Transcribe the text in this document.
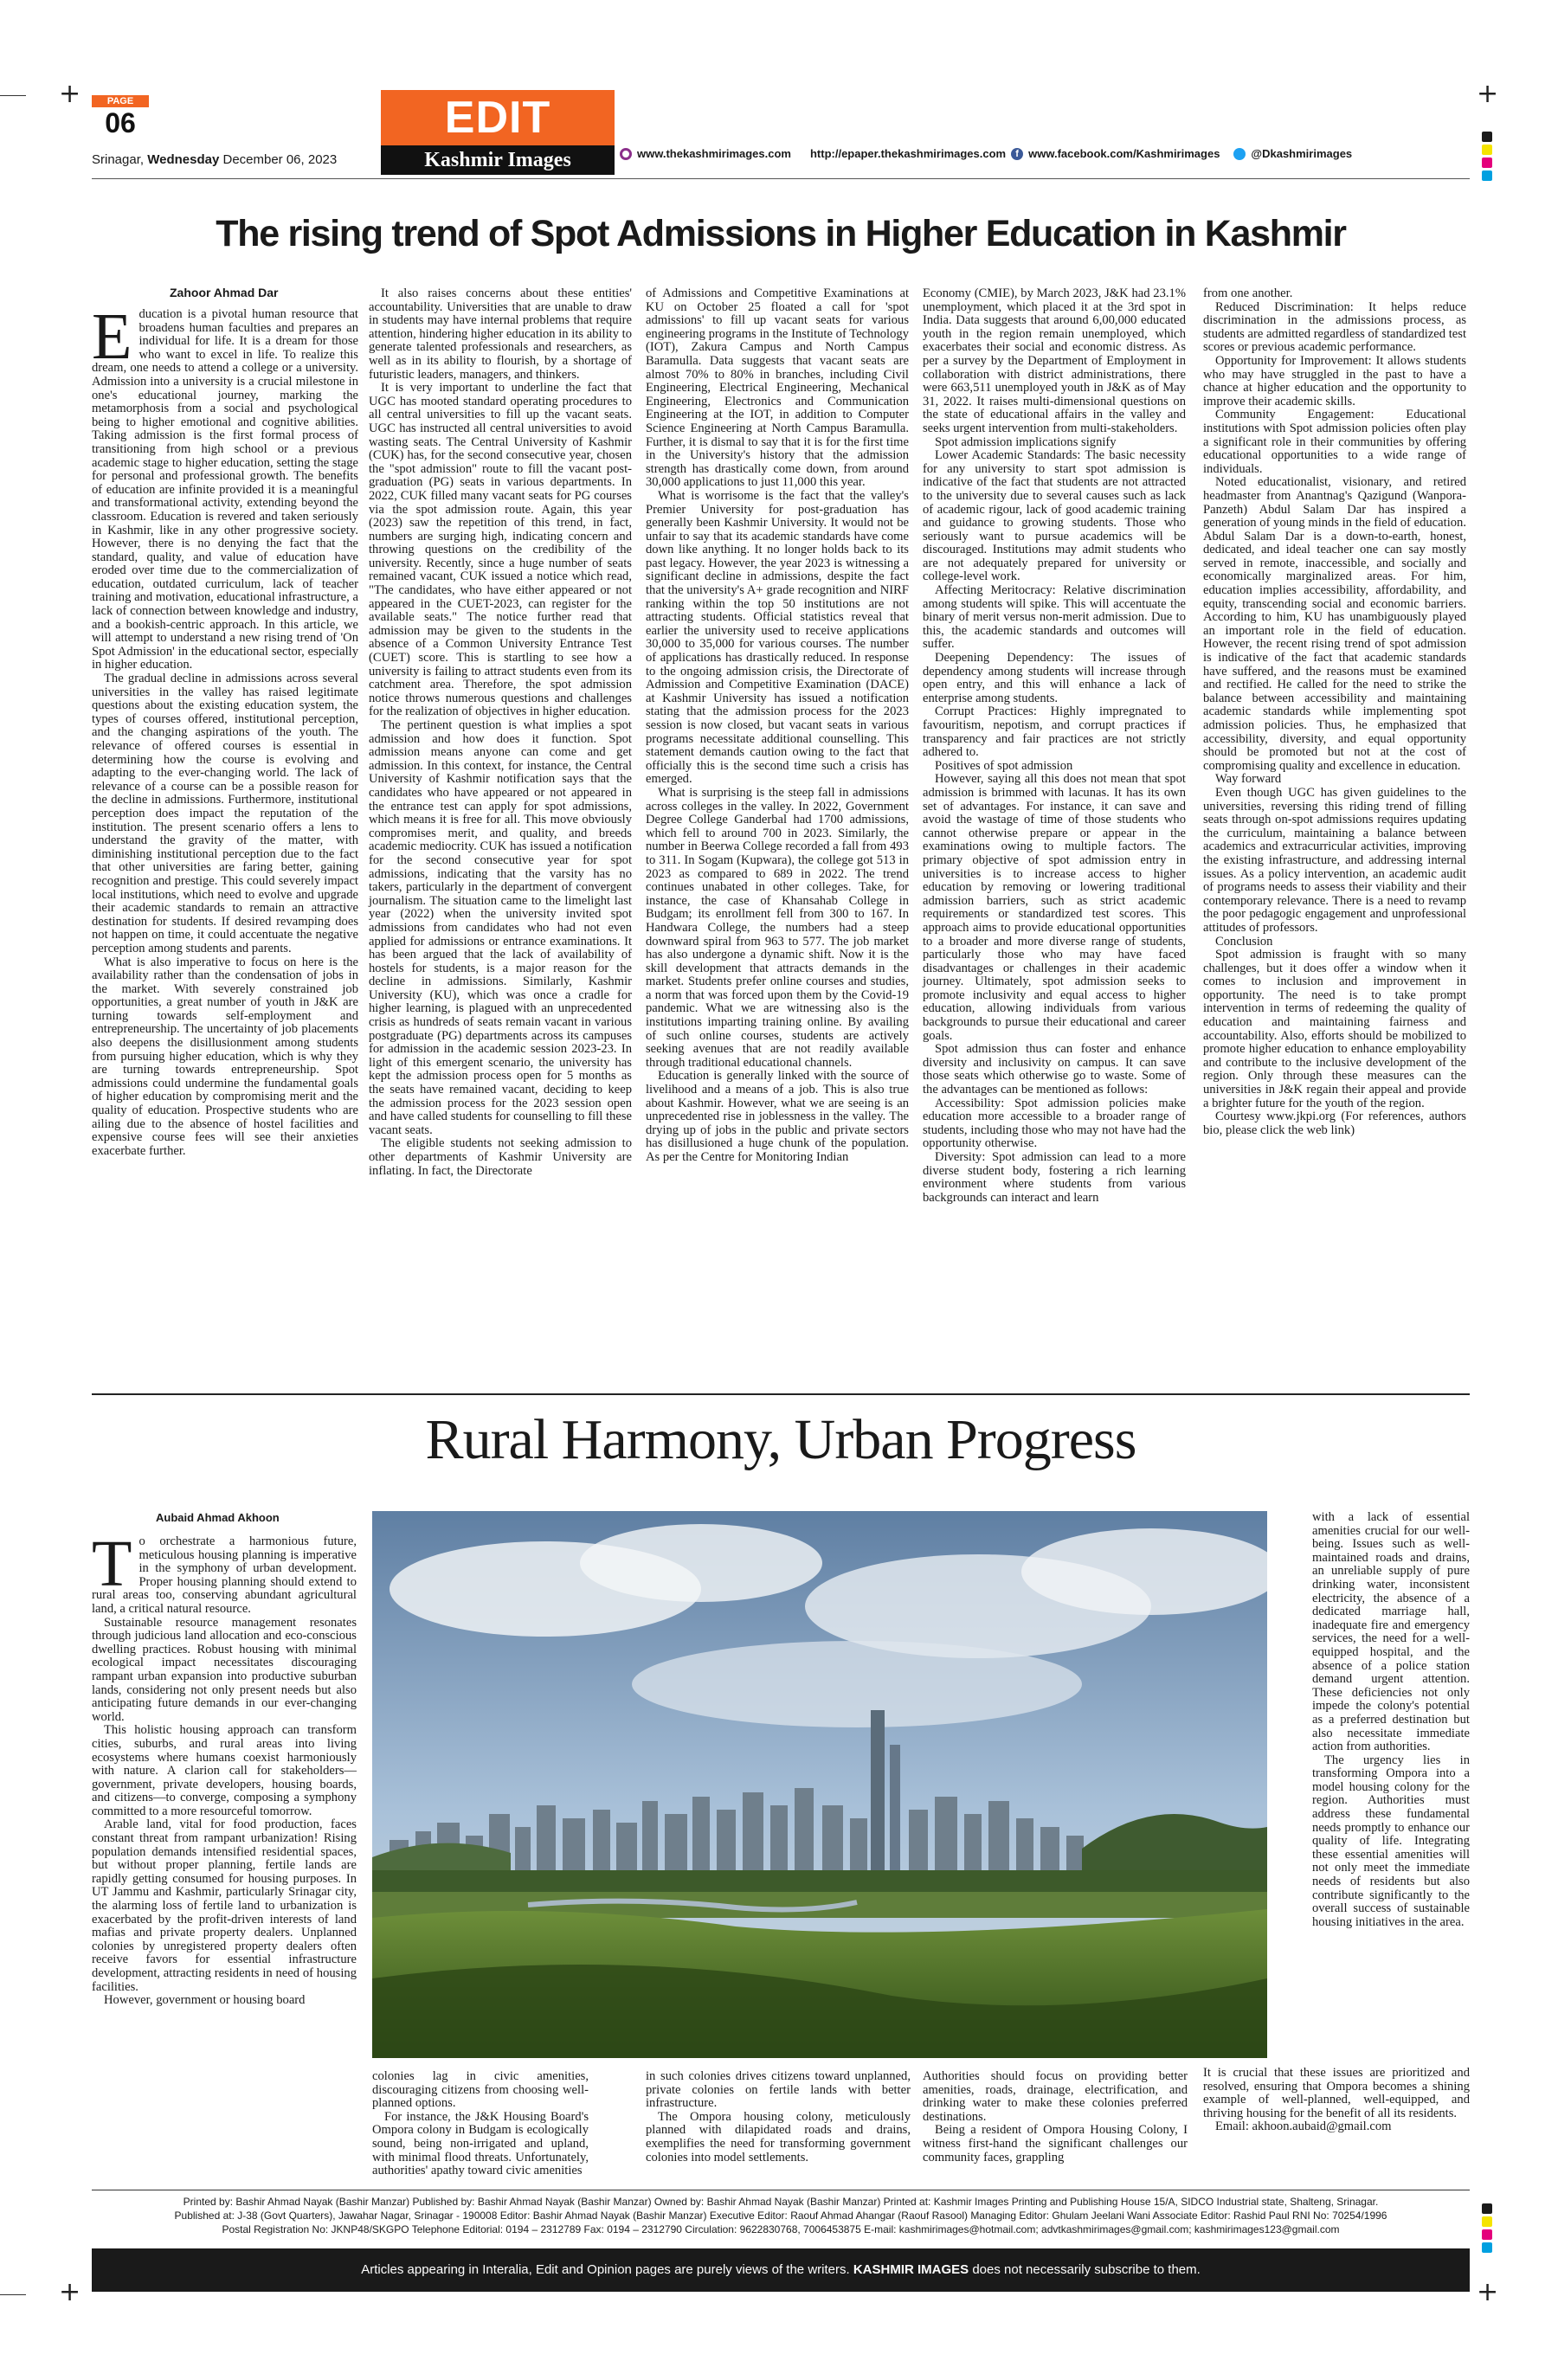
+	+
+	+
PAGE
06
Srinagar, Wednesday December 06, 2023
EDIT
Kashmir Images	www.thekashmirimages.com http://epaper.thekashmirimages.com	f www.facebook.com/Kashmirimages	@Dkashmirimages
The rising trend of Spot Admissions in Higher Education in Kashmir
Zahoor Ahmad Dar
E ducation is a pivotal human resource that broadens human faculties and prepares an individual for life. It is a dream for those who want to excel in life. To realize this dream, one needs to attend a college or a university. Admission into a university is a crucial milestone in one's educational journey, marking the metamorphosis from a social and psychological being to higher emotional and cognitive abilities. Taking admission is the first formal process of transitioning from high school or a previous academic stage to higher education, setting the stage for personal and professional growth. The benefits of education are infinite provided it is a meaningful and transformational activity, extending beyond the classroom. Education is revered and taken seriously in Kashmir, like in any other progressive society. However, there is no denying the fact that the standard, quality, and value of education have eroded over time due to the commercialization of education, outdated curriculum, lack of teacher training and motivation, educational infrastructure, a lack of connection between knowledge and industry, and a bookish-centric approach. In this article, we will attempt to understand a new rising trend of 'On Spot Admission' in the educational sector, especially in higher education.

The gradual decline in admissions across several universities in the valley has raised legitimate questions about the existing education system, the types of courses offered, institutional perception, and the changing aspirations of the youth. The relevance of offered courses is essential in determining how the course is evolving and adapting to the ever-changing world. The lack of relevance of a course can be a possible reason for the decline in admissions. Furthermore, institutional perception does impact the reputation of the institution. The present scenario offers a lens to understand the gravity of the matter, with diminishing institutional perception due to the fact that other universities are faring better, gaining recognition and prestige. This could severely impact local institutions, which need to evolve and upgrade their academic standards to remain an attractive destination for students. If desired revamping does not happen on time, it could accentuate the negative perception among students and parents.

What is also imperative to focus on here is the availability rather than the condensation of jobs in the market. With severely constrained job opportunities, a great number of youth in J&K are turning towards self-employment and entrepreneurship. The uncertainty of job placements also deepens the disillusionment among students from pursuing higher education, which is why they are turning towards entrepreneurship. Spot admissions could undermine the fundamental goals of higher education by compromising merit and the quality of education. Prospective students who are ailing due to the absence of hostel facilities and expensive course fees will see their anxieties exacerbate further.

It also raises concerns about these entities' accountability. Universities that are unable to draw in students may have internal problems that require attention, hindering higher education in its ability to generate talented professionals and researchers, as well as in its ability to flourish, by a shortage of futuristic leaders, managers, and thinkers.

It is very important to underline the fact that UGC has mooted standard operating procedures to all central universities to fill up the vacant seats. UGC has instructed all central universities to avoid wasting seats. The Central University of Kashmir (CUK) has, for the second consecutive year, chosen the "spot admission" route to fill the vacant post-graduation (PG) seats in various departments. In 2022, CUK filled many vacant seats for PG courses via the spot admission route. Again, this year (2023) saw the repetition of this trend, in fact, numbers are surging high, indicating concern and throwing questions on the credibility of the university. Recently, since a huge number of seats remained vacant, CUK issued a notice which read, "The candidates, who have either appeared or not appeared in the CUET-2023, can register for the available seats." The notice further read that admission may be given to the students in the absence of a Common University Entrance Test (CUET) score. This is startling to see how a university is failing to attract students even from its catchment area. Therefore, the spot admission notice throws numerous questions and challenges for the realization of objectives in higher education.

The pertinent question is what implies a spot admission and how does it function. Spot admission means anyone can come and get admission. In this context, for instance, the Central University of Kashmir notification says that the candidates who have appeared or not appeared in the entrance test can apply for spot admissions, which means it is free for all. This move obviously compromises merit, and quality, and breeds academic mediocrity. CUK has issued a notification for the second consecutive year for spot admissions, indicating that the varsity has no takers, particularly in the department of convergent journalism. The situation came to the limelight last year (2022) when the university invited spot admissions from candidates who had not even applied for admissions or entrance examinations. It has been argued that the lack of availability of hostels for students, is a major reason for the decline in admissions. Similarly, Kashmir University (KU), which was once a cradle for higher learning, is plagued with an unprecedented crisis as hundreds of seats remain vacant in various postgraduate (PG) departments across its campuses for admission in the academic session 2023-23. In light of this emergent scenario, the university has kept the admission process open for 5 months as the seats have remained vacant, deciding to keep the admission process for the 2023 session open and have called students for counselling to fill these vacant seats.

The eligible students not seeking admission to other departments of Kashmir University are inflating. In fact, the Directorate

of Admissions and Competitive Examinations at KU on October 25 floated a call for 'spot admissions' to fill up vacant seats for various engineering programs in the Institute of Technology (IOT), Zakura Campus and North Campus Baramulla. Data suggests that vacant seats are almost 70% to 80% in branches, including Civil Engineering, Electrical Engineering, Mechanical Engineering, Electronics and Communication Engineering at the IOT, in addition to Computer Science Engineering at North Campus Baramulla. Further, it is dismal to say that it is for the first time in the University's history that the admission strength has drastically come down, from around 30,000 applications to just 11,000 this year.

What is worrisome is the fact that the valley's Premier University for post-graduation has generally been Kashmir University. It would not be unfair to say that its academic standards have come down like anything. It no longer holds back to its past legacy. However, the year 2023 is witnessing a significant decline in admissions, despite the fact that the university's A+ grade recognition and NIRF ranking within the top 50 institutions are not attracting students. Official statistics reveal that earlier the university used to receive applications 30,000 to 35,000 for various courses. The number of applications has drastically reduced. In response to the ongoing admission crisis, the Directorate of Admission and Competitive Examination (DACE) at Kashmir University has issued a notification stating that the admission process for the 2023 session is now closed, but vacant seats in various programs necessitate additional counselling. This statement demands caution owing to the fact that officially this is the second time such a crisis has emerged.

What is surprising is the steep fall in admissions across colleges in the valley. In 2022, Government Degree College Ganderbal had 1700 admissions, which fell to around 700 in 2023. Similarly, the number in Beerwa College recorded a fall from 493 to 311. In Sogam (Kupwara), the college got 513 in 2023 as compared to 689 in 2022. The trend continues unabated in other colleges. Take, for instance, the case of Khansahab College in Budgam; its enrollment fell from 300 to 167. In Handwara College, the numbers had a steep downward spiral from 963 to 577. The job market has also undergone a dynamic shift. Now it is the skill development that attracts demands in the market. Students prefer online courses and studies, a norm that was forced upon them by the Covid-19 pandemic. What we are witnessing also is the institutions imparting training online. By availing of such online courses, students are actively seeking avenues that are not readily available through traditional educational channels.

Education is generally linked with the source of livelihood and a means of a job. This is also true about Kashmir. However, what we are seeing is an unprecedented rise in joblessness in the valley. The drying up of jobs in the public and private sectors has disillusioned a huge chunk of the population. As per the Centre for Monitoring Indian

Economy (CMIE), by March 2023, J&K had 23.1% unemployment, which placed it at the 3rd spot in India. Data suggests that around 6,00,000 educated youth in the region remain unemployed, which exacerbates their social and economic distress. As per a survey by the Department of Employment in collaboration with district administrations, there were 663,511 unemployed youth in J&K as of May 31, 2022. It raises multi-dimensional questions on the state of educational affairs in the valley and seeks urgent intervention from multi-stakeholders.

Spot admission implications signify

Lower Academic Standards: The basic necessity for any university to start spot admission is indicative of the fact that students are not attracted to the university due to several causes such as lack of academic rigour, lack of good academic training and guidance to growing students. Those who seriously want to pursue academics will be discouraged. Institutions may admit students who are not adequately prepared for university or college-level work.

Affecting Meritocracy: Relative discrimination among students will spike. This will accentuate the binary of merit versus non-merit admission. Due to this, the academic standards and outcomes will suffer.

Deepening Dependency: The issues of dependency among students will increase through open entry, and this will enhance a lack of enterprise among students.

Corrupt Practices: Highly impregnated to favouritism, nepotism, and corrupt practices if transparency and fair practices are not strictly adhered to.

Positives of spot admission

However, saying all this does not mean that spot admission is brimmed with lacunas. It has its own set of advantages. For instance, it can save and avoid the wastage of time of those students who cannot otherwise prepare or appear in the examinations owing to multiple factors. The primary objective of spot admission entry in universities is to increase access to higher education by removing or lowering traditional admission barriers, such as strict academic requirements or standardized test scores. This approach aims to provide educational opportunities to a broader and more diverse range of students, particularly those who may have faced disadvantages or challenges in their academic journey. Ultimately, spot admission seeks to promote inclusivity and equal access to higher education, allowing individuals from various backgrounds to pursue their educational and career goals.

Spot admission thus can foster and enhance diversity and inclusivity on campus. It can save those seats which otherwise go to waste. Some of the advantages can be mentioned as follows:

Accessibility: Spot admission policies make education more accessible to a broader range of students, including those who may not have had the opportunity otherwise.

Diversity: Spot admission can lead to a more diverse student body, fostering a rich learning environment where students from various backgrounds can interact and learn

from one another.

Reduced Discrimination: It helps reduce discrimination in the admissions process, as students are admitted regardless of standardized test scores or previous academic performance.

Opportunity for Improvement: It allows students who may have struggled in the past to have a chance at higher education and the opportunity to improve their academic skills.

Community Engagement: Educational institutions with Spot admission policies often play a significant role in their communities by offering educational opportunities to a wide range of individuals.

Noted educationalist, visionary, and retired headmaster from Anantnag's Qazigund (Wanpora-Panzeth) Abdul Salam Dar has inspired a generation of young minds in the field of education. Abdul Salam Dar is a down-to-earth, honest, dedicated, and ideal teacher one can say mostly served in remote, inaccessible, and socially and economically marginalized areas. For him, education implies accessibility, affordability, and equity, transcending social and economic barriers. According to him, KU has unambiguously played an important role in the field of education. However, the recent rising trend of spot admission is indicative of the fact that academic standards have suffered, and the reasons must be examined and rectified. He called for the need to strike the balance between accessibility and maintaining academic standards while implementing spot admission policies. Thus, he emphasized that accessibility, diversity, and equal opportunity should be promoted but not at the cost of compromising quality and excellence in education.

Way forward

Even though UGC has given guidelines to the universities, reversing this riding trend of filling seats through on-spot admissions requires updating the curriculum, maintaining a balance between academics and extracurricular activities, improving the existing infrastructure, and addressing internal issues. As a policy intervention, an academic audit of programs needs to assess their viability and their contemporary relevance. There is a need to revamp the poor pedagogic engagement and unprofessional attitudes of professors.

Conclusion

Spot admission is fraught with so many challenges, but it does offer a window when it comes to inclusion and improvement in opportunity. The need is to take prompt intervention in terms of redeeming the quality of education and maintaining fairness and accountability. Also, efforts should be mobilized to promote higher education to enhance employability and contribute to the inclusive development of the region. Only through these measures can the universities in J&K regain their appeal and provide a brighter future for the youth of the region.

Courtesy www.jkpi.org (For references, authors bio, please click the web link)

Rural Harmony, Urban Progress
Aubaid Ahmad Akhoon
T o orchestrate a harmonious future, meticulous housing planning is imperative in the symphony of urban development. Proper housing planning should extend to rural areas too, conserving abundant agricultural land, a critical natural resource.

Sustainable resource management resonates through judicious land allocation and eco-conscious dwelling practices. Robust housing with minimal ecological impact necessitates discouraging rampant urban expansion into productive suburban lands, considering not only present needs but also anticipating future demands in our ever-changing world.

This holistic housing approach can transform cities, suburbs, and rural areas into living ecosystems where humans coexist harmoniously with nature. A clarion call for stakeholders—government, private developers, housing boards, and citizens—to converge, composing a symphony committed to a more resourceful tomorrow.

Arable land, vital for food production, faces constant threat from rampant urbanization! Rising population demands intensified residential spaces, but without proper planning, fertile lands are rapidly getting consumed for housing purposes. In UT Jammu and Kashmir, particularly Srinagar city, the alarming loss of fertile land to urbanization is exacerbated by the profit-driven interests of land mafias and private property dealers. Unplanned colonies by unregistered property dealers often receive favors for essential infrastructure development, attracting residents in need of housing facilities.

However, government or housing board

colonies lag in civic amenities, discouraging citizens from choosing well-planned options.

For instance, the J&K Housing Board's Ompora colony in Budgam is ecologically sound, being non-irrigated and upland, with minimal flood threats. Unfortunately, authorities' apathy toward civic amenities

in such colonies drives citizens toward unplanned, private colonies on fertile lands with better infrastructure.

The Ompora housing colony, meticulously planned with dilapidated roads and drains, exemplifies the need for transforming government colonies into model settlements.

Authorities should focus on providing better amenities, roads, drainage, electrification, and drinking water to make these colonies preferred destinations.

Being a resident of Ompora Housing Colony, I witness first-hand the significant challenges our community faces, grappling

with a lack of essential amenities crucial for our well-being. Issues such as well-maintained roads and drains, an unreliable supply of pure drinking water, inconsistent electricity, the absence of a dedicated marriage hall, inadequate fire and emergency services, the need for a well-equipped hospital, and the absence of a police station demand urgent attention. These deficiencies not only impede the colony's potential as a preferred destination but also necessitate immediate action from authorities.

The urgency lies in transforming Ompora into a model housing colony for the region. Authorities must address these fundamental needs promptly to enhance our quality of life. Integrating these essential amenities will not only meet the immediate needs of residents but also contribute significantly to the overall success of sustainable housing initiatives in the area.

It is crucial that these issues are prioritized and resolved, ensuring that Ompora becomes a shining example of well-planned, well-equipped, and thriving housing for the benefit of all its residents.

Email: akhoon.aubaid@gmail.com

Printed by: Bashir Ahmad Nayak (Bashir Manzar) Published by: Bashir Ahmad Nayak (Bashir Manzar) Owned by: Bashir Ahmad Nayak (Bashir Manzar) Printed at: Kashmir Images Printing and Publishing House 15/A, SIDCO Industrial state, Shalteng, Srinagar.
Published at: J-38 (Govt Quarters), Jawahar Nagar, Srinagar - 190008 Editor: Bashir Ahmad Nayak (Bashir Manzar) Executive Editor: Raouf Ahmad Ahangar (Raouf Rasool) Managing Editor: Ghulam Jeelani Wani Associate Editor: Rashid Paul RNI No: 70254/1996
Postal Registration No: JKNP48/SKGPO Telephone Editorial: 0194 – 2312789 Fax: 0194 – 2312790 Circulation: 9622830768, 7006453875 E-mail: kashmirimages@hotmail.com; advtkashmirimages@gmail.com; kashmirimages123@gmail.com
Articles appearing in Interalia, Edit and Opinion pages are purely views of the writers. KASHMIR IMAGES does not necessarily subscribe to them.
